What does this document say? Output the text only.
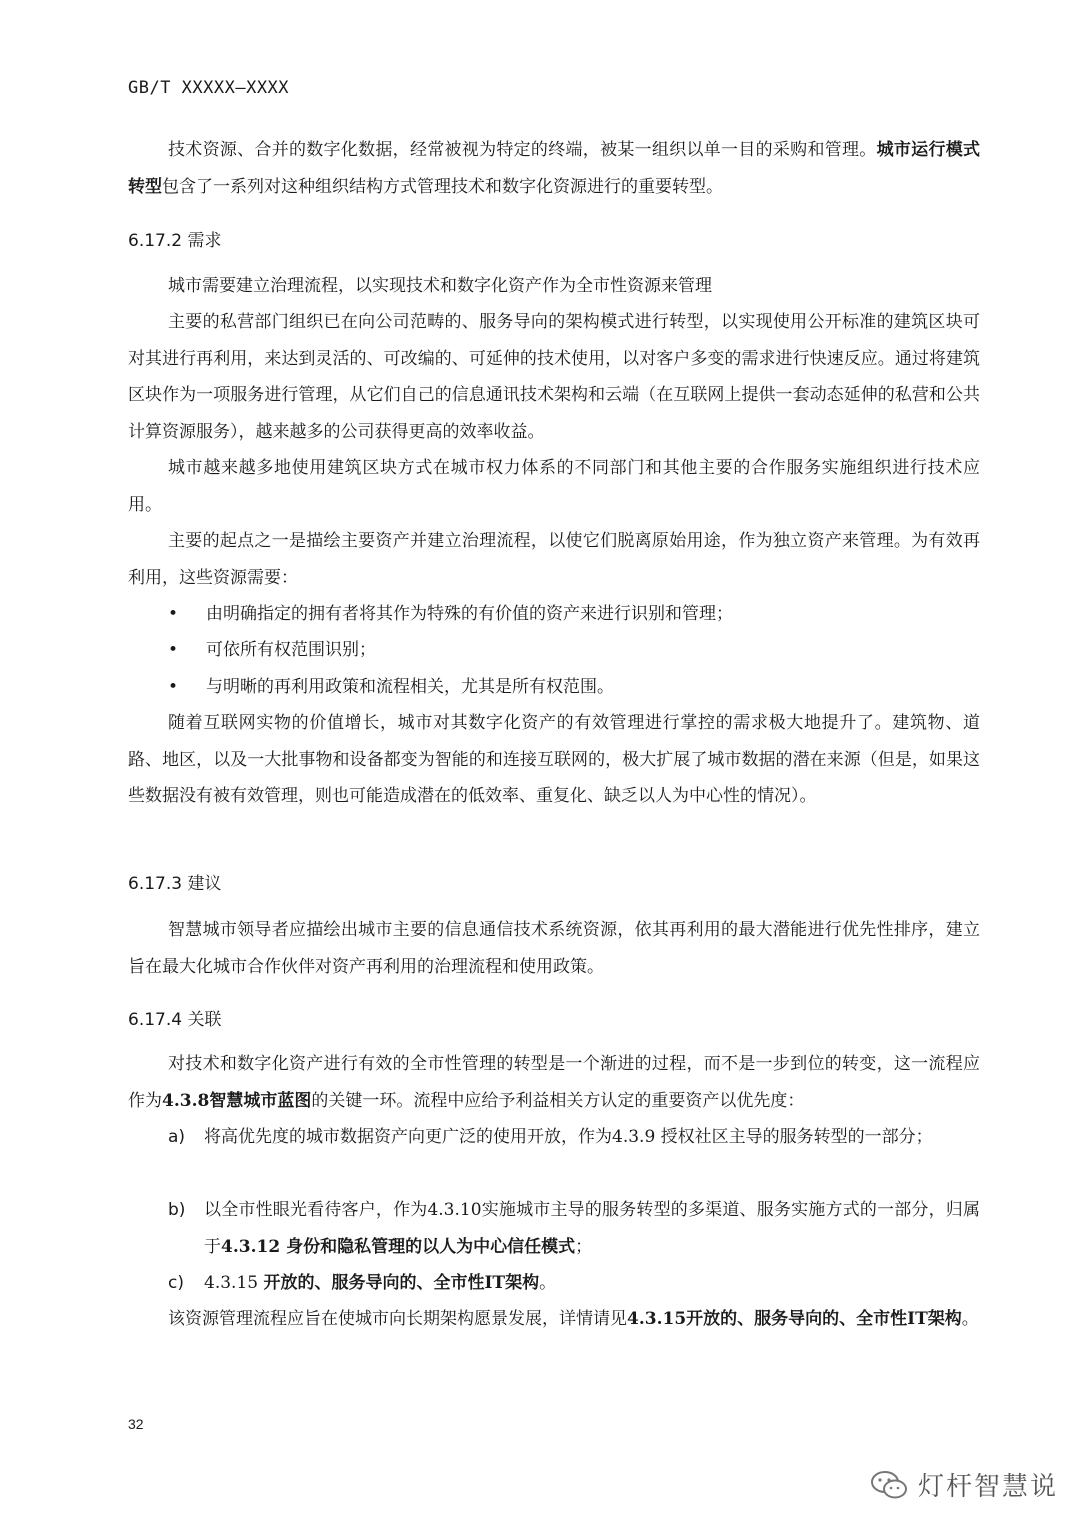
GB/T XXXXX—XXXX
技术资源、合并的数字化数据，经常被视为特定的终端，被某一组织以单一目的采购和管理。城市运行模式转型包含了一系列对这种组织结构方式管理技术和数字化资源进行的重要转型。
6.17.2 需求
城市需要建立治理流程，以实现技术和数字化资产作为全市性资源来管理
主要的私营部门组织已在向公司范畴的、服务导向的架构模式进行转型，以实现使用公开标准的建筑区块可对其进行再利用，来达到灵活的、可改编的、可延伸的技术使用，以对客户多变的需求进行快速反应。通过将建筑区块作为一项服务进行管理，从它们自己的信息通讯技术架构和云端（在互联网上提供一套动态延伸的私营和公共计算资源服务），越来越多的公司获得更高的效率收益。
城市越来越多地使用建筑区块方式在城市权力体系的不同部门和其他主要的合作服务实施组织进行技术应用。
主要的起点之一是描绘主要资产并建立治理流程，以使它们脱离原始用途，作为独立资产来管理。为有效再利用，这些资源需要：
• 由明确指定的拥有者将其作为特殊的有价值的资产来进行识别和管理；
• 可依所有权范围识别；
• 与明晰的再利用政策和流程相关，尤其是所有权范围。
随着互联网实物的价值增长，城市对其数字化资产的有效管理进行掌控的需求极大地提升了。建筑物、道路、地区，以及一大批事物和设备都变为智能的和连接互联网的，极大扩展了城市数据的潜在来源（但是，如果这些数据没有被有效管理，则也可能造成潜在的低效率、重复化、缺乏以人为中心性的情况）。
6.17.3 建议
智慧城市领导者应描绘出城市主要的信息通信技术系统资源，依其再利用的最大潜能进行优先性排序，建立旨在最大化城市合作伙伴对资产再利用的治理流程和使用政策。
6.17.4 关联
对技术和数字化资产进行有效的全市性管理的转型是一个渐进的过程，而不是一步到位的转变，这一流程应作为4.3.8智慧城市蓝图的关键一环。流程中应给予利益相关方认定的重要资产以优先度：
a) 将高优先度的城市数据资产向更广泛的使用开放，作为4.3.9 授权社区主导的服务转型的一部分；
b) 以全市性眼光看待客户，作为4.3.10实施城市主导的服务转型的多渠道、服务实施方式的一部分，归属于4.3.12 身份和隐私管理的以人为中心信任模式；
c) 4.3.15 开放的、服务导向的、全市性IT架构。
该资源管理流程应旨在使城市向长期架构愿景发展，详情请见4.3.15开放的、服务导向的、全市性IT架构。
32
灯杆智慧说
